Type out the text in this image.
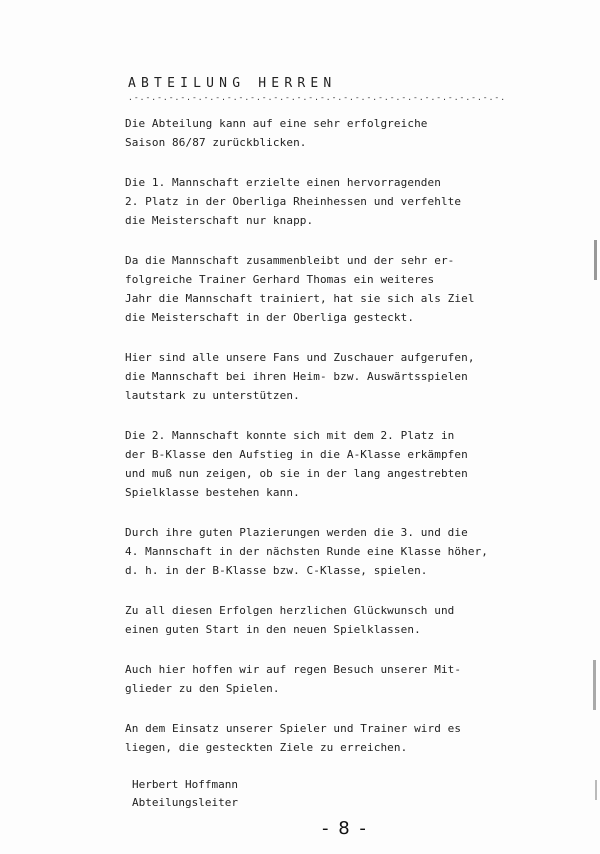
ABTEILUNG HERREN
.-.-.-.-.-.-.-.-.-.-.-.-.-.-.-.-.-.-.-.-.-.-.-.-.-.-.-.-.-.-.-.-.

Die Abteilung kann auf eine sehr erfolgreiche
Saison 86/87 zurückblicken.

Die 1. Mannschaft erzielte einen hervorragenden
2. Platz in der Oberliga Rheinhessen und verfehlte
die Meisterschaft nur knapp.

Da die Mannschaft zusammenbleibt und der sehr er-
folgreiche Trainer Gerhard Thomas ein weiteres
Jahr die Mannschaft trainiert, hat sie sich als Ziel
die Meisterschaft in der Oberliga gesteckt.

Hier sind alle unsere Fans und Zuschauer aufgerufen,
die Mannschaft bei ihren Heim- bzw. Auswärtsspielen
lautstark zu unterstützen.

Die 2. Mannschaft konnte sich mit dem 2. Platz in
der B-Klasse den Aufstieg in die A-Klasse erkämpfen
und muß nun zeigen, ob sie in der lang angestrebten
Spielklasse bestehen kann.

Durch ihre guten Plazierungen werden die 3. und die
4. Mannschaft in der nächsten Runde eine Klasse höher,
d. h. in der B-Klasse bzw. C-Klasse, spielen.

Zu all diesen Erfolgen herzlichen Glückwunsch und
einen guten Start in den neuen Spielklassen.

Auch hier hoffen wir auf regen Besuch unserer Mit-
glieder zu den Spielen.

An dem Einsatz unserer Spieler und Trainer wird es
liegen, die gesteckten Ziele zu erreichen.

Herbert Hoffmann
Abteilungsleiter
- 8 -
